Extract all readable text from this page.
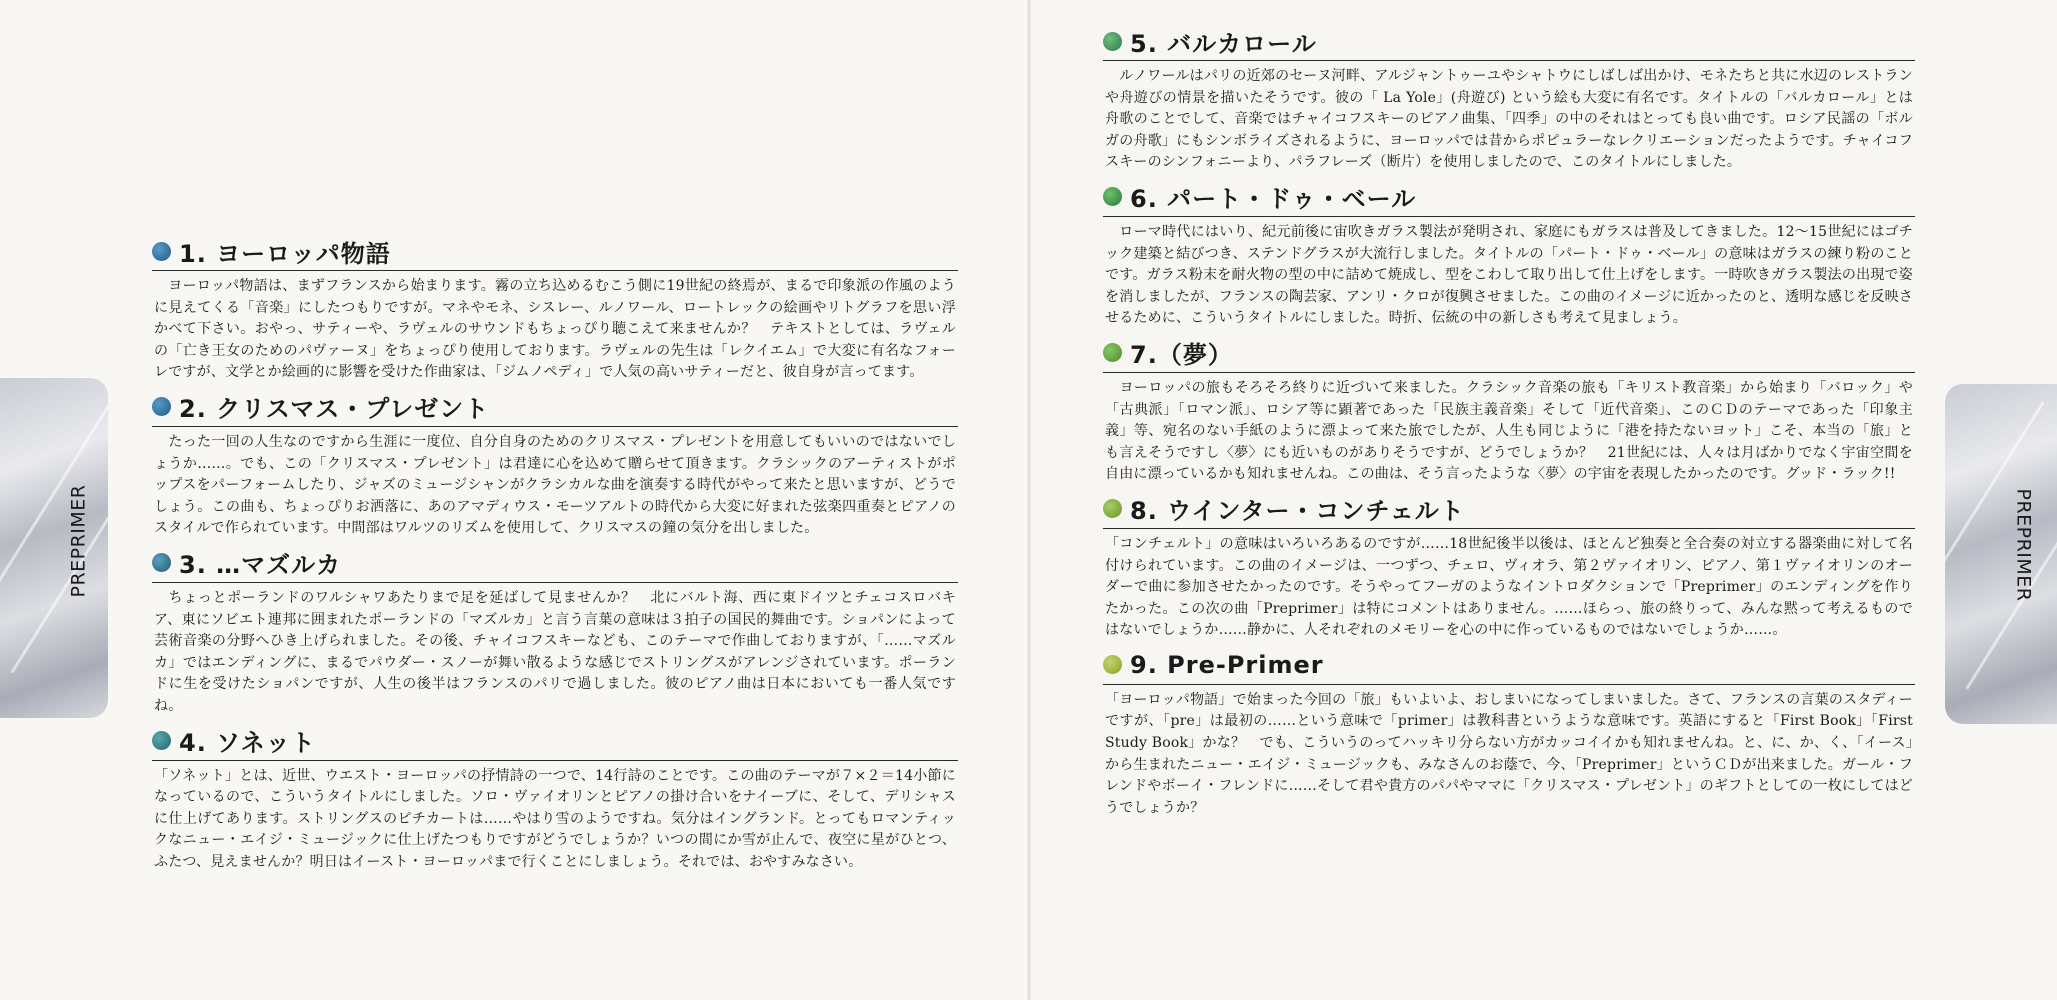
PREPRIMER
1. ヨーロッパ物語

　ヨーロッパ物語は、まずフランスから始まります。霧の立ち込めるむこう側に19世紀の終焉が、まるで印象派の作風のように見えてくる「音楽」にしたつもりですが。マネやモネ、シスレー、ルノワール、ロートレックの絵画やリトグラフを思い浮かべて下さい。おやっ、サティーや、ラヴェルのサウンドもちょっぴり聴こえて来ませんか？　テキストとしては、ラヴェルの「亡き王女のためのパヴァーヌ」をちょっぴり使用しております。ラヴェルの先生は「レクイエム」で大変に有名なフォーレですが、文学とか絵画的に影響を受けた作曲家は、「ジムノペディ」で人気の高いサティーだと、彼自身が言ってます。

2. クリスマス・プレゼント

　たった一回の人生なのですから生涯に一度位、自分自身のためのクリスマス・プレゼントを用意してもいいのではないでしょうか……。でも、この「クリスマス・プレゼント」は君達に心を込めて贈らせて頂きます。クラシックのアーティストがポップスをパーフォームしたり、ジャズのミュージシャンがクラシカルな曲を演奏する時代がやって来たと思いますが、どうでしょう。この曲も、ちょっぴりお洒落に、あのアマディウス・モーツアルトの時代から大変に好まれた弦楽四重奏とピアノのスタイルで作られています。中間部はワルツのリズムを使用して、クリスマスの鐘の気分を出しました。

3. …マズルカ

　ちょっとポーランドのワルシャワあたりまで足を延ばして見ませんか？　北にバルト海、西に東ドイツとチェコスロバキア、東にソビエト連邦に囲まれたポーランドの「マズルカ」と言う言葉の意味は３拍子の国民的舞曲です。ショパンによって芸術音楽の分野へひき上げられました。その後、チャイコフスキーなども、このテーマで作曲しておりますが、「……マズルカ」ではエンディングに、まるでパウダー・スノーが舞い散るような感じでストリングスがアレンジされています。ポーランドに生を受けたショパンですが、人生の後半はフランスのパリで過しました。彼のピアノ曲は日本においても一番人気ですね。

4. ソネット

「ソネット」とは、近世、ウエスト・ヨーロッパの抒情詩の一つで、14行詩のことです。この曲のテーマが７×２＝14小節になっているので、こういうタイトルにしました。ソロ・ヴァイオリンとピアノの掛け合いをナイーブに、そして、デリシャスに仕上げてあります。ストリングスのピチカートは……やはり雪のようですね。気分はイングランド。とってもロマンティックなニュー・エイジ・ミュージックに仕上げたつもりですがどうでしょうか？いつの間にか雪が止んで、夜空に星がひとつ、ふたつ、見えませんか？明日はイースト・ヨーロッパまで行くことにしましょう。それでは、おやすみなさい。

5. バルカロール

　ルノワールはパリの近郊のセーヌ河畔、アルジャントゥーユやシャトウにしばしば出かけ、モネたちと共に水辺のレストランや舟遊びの情景を描いたそうです。彼の「 La Yole」(舟遊び) という絵も大変に有名です。タイトルの「バルカロール」とは舟歌のことでして、音楽ではチャイコフスキーのピアノ曲集、「四季」の中のそれはとっても良い曲です。ロシア民謡の「ボルガの舟歌」にもシンボライズされるように、ヨーロッパでは昔からポピュラーなレクリエーションだったようです。チャイコフスキーのシンフォニーより、パラフレーズ（断片）を使用しましたので、このタイトルにしました。

6. パート・ドゥ・ベール

　ローマ時代にはいり、紀元前後に宙吹きガラス製法が発明され、家庭にもガラスは普及してきました。12～15世紀にはゴチック建築と結びつき、ステンドグラスが大流行しました。タイトルの「パート・ドゥ・ベール」の意味はガラスの練り粉のことです。ガラス粉末を耐火物の型の中に詰めて焼成し、型をこわして取り出して仕上げをします。一時吹きガラス製法の出現で姿を消しましたが、フランスの陶芸家、アンリ・クロが復興させました。この曲のイメージに近かったのと、透明な感じを反映させるために、こういうタイトルにしました。時折、伝統の中の新しさも考えて見ましょう。

7.（夢）

　ヨーロッパの旅もそろそろ終りに近づいて来ました。クラシック音楽の旅も「キリスト教音楽」から始まり「バロック」や「古典派」「ロマン派」、ロシア等に顕著であった「民族主義音楽」そして「近代音楽」、このＣＤのテーマであった「印象主義」等、宛名のない手紙のように漂よって来た旅でしたが、人生も同じように「港を持たないヨット」こそ、本当の「旅」とも言えそうですし〈夢〉にも近いものがありそうですが、どうでしょうか？　21世紀には、人々は月ばかりでなく宇宙空間を自由に漂っているかも知れませんね。この曲は、そう言ったような〈夢〉の宇宙を表現したかったのです。グッド・ラック!!

8. ウインター・コンチェルト

「コンチェルト」の意味はいろいろあるのですが……18世紀後半以後は、ほとんど独奏と全合奏の対立する器楽曲に対して名付けられています。この曲のイメージは、一つずつ、チェロ、ヴィオラ、第２ヴァイオリン、ピアノ、第１ヴァイオリンのオーダーで曲に参加させたかったのです。そうやってフーガのようなイントロダクションで「Preprimer」のエンディングを作りたかった。この次の曲「Preprimer」は特にコメントはありません。……ほらっ、旅の終りって、みんな黙って考えるものではないでしょうか……静かに、人それぞれのメモリーを心の中に作っているものではないでしょうか……。

9. Pre-Primer

「ヨーロッパ物語」で始まった今回の「旅」もいよいよ、おしまいになってしまいました。さて、フランスの言葉のスタディーですが、「pre」は最初の……という意味で「primer」は教科書というような意味です。英語にすると「First Book」「First Study Book」かな？　でも、こういうのってハッキリ分らない方がカッコイイかも知れませんね。と、に、か、く、「イース」から生まれたニュー・エイジ・ミュージックも、みなさんのお蔭で、今、「Preprimer」というＣＤが出来ました。ガール・フレンドやボーイ・フレンドに……そして君や貴方のパパやママに「クリスマス・プレゼント」のギフトとしての一枚にしてはどうでしょうか？

PREPRIMER
